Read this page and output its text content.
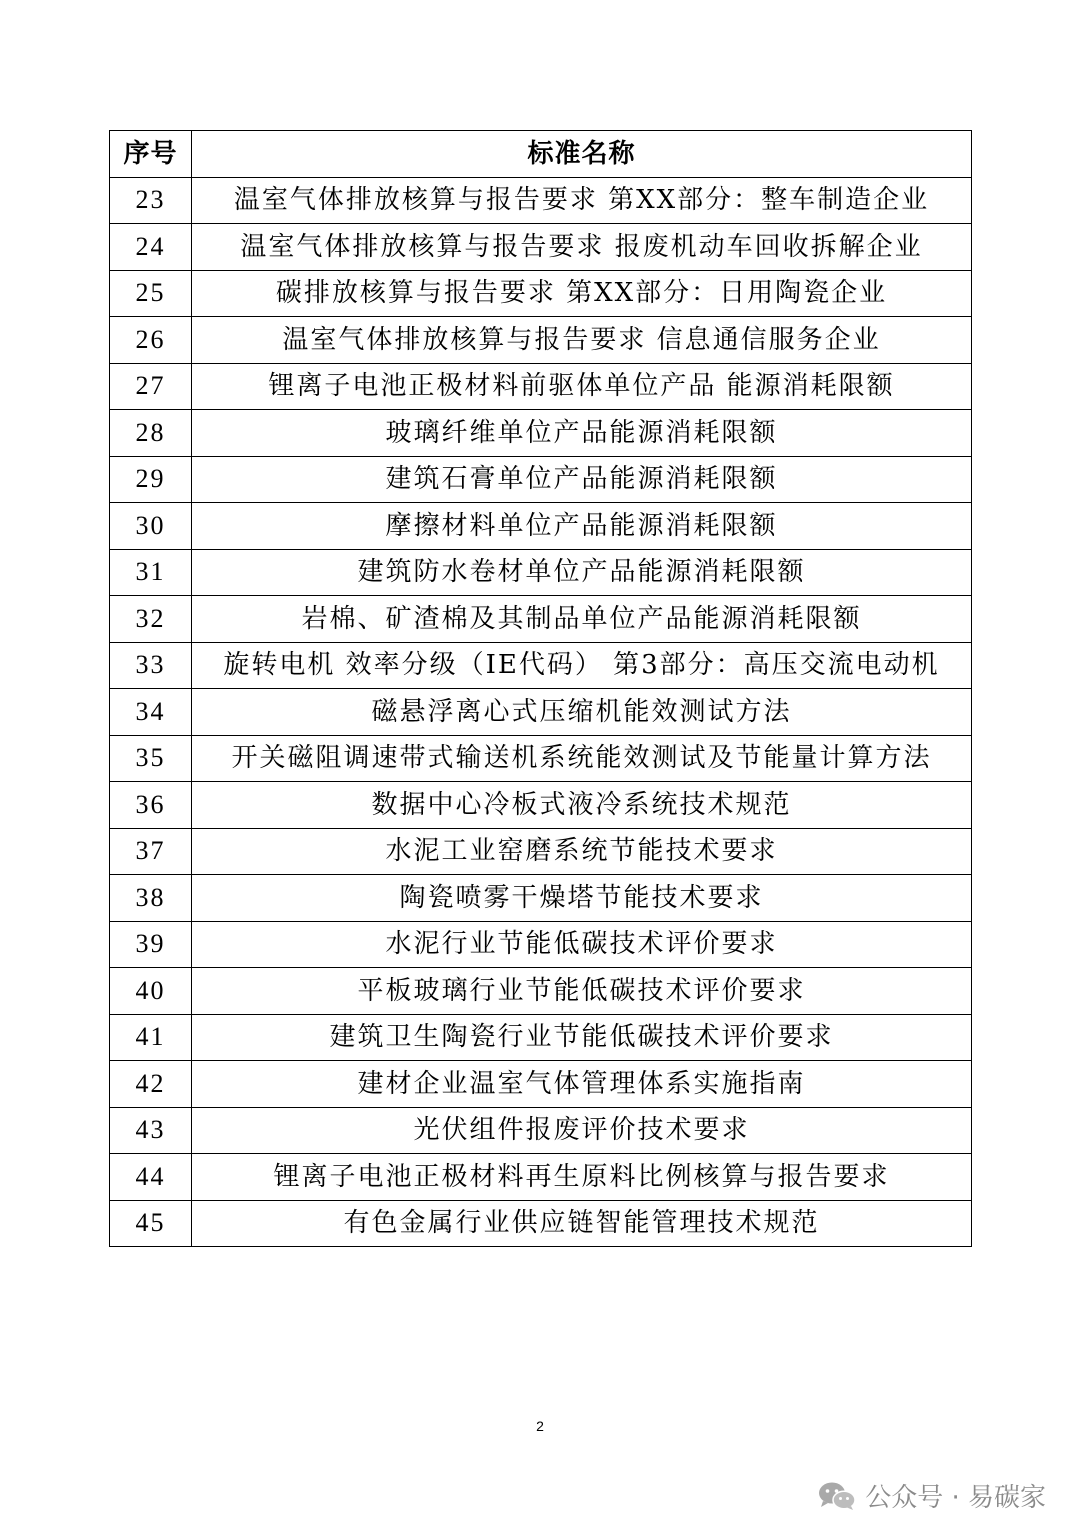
序号	标准名称
23	温室气体排放核算与报告要求 第XX部分：整车制造企业
24	温室气体排放核算与报告要求 报废机动车回收拆解企业
25	碳排放核算与报告要求 第XX部分：日用陶瓷企业
26	温室气体排放核算与报告要求 信息通信服务企业
27	锂离子电池正极材料前驱体单位产品 能源消耗限额
28	玻璃纤维单位产品能源消耗限额
29	建筑石膏单位产品能源消耗限额
30	摩擦材料单位产品能源消耗限额
31	建筑防水卷材单位产品能源消耗限额
32	岩棉、矿渣棉及其制品单位产品能源消耗限额
33	旋转电机 效率分级（IE代码） 第3部分：高压交流电动机
34	磁悬浮离心式压缩机能效测试方法
35	开关磁阻调速带式输送机系统能效测试及节能量计算方法
36	数据中心冷板式液冷系统技术规范
37	水泥工业窑磨系统节能技术要求
38	陶瓷喷雾干燥塔节能技术要求
39	水泥行业节能低碳技术评价要求
40	平板玻璃行业节能低碳技术评价要求
41	建筑卫生陶瓷行业节能低碳技术评价要求
42	建材企业温室气体管理体系实施指南
43	光伏组件报废评价技术要求
44	锂离子电池正极材料再生原料比例核算与报告要求
45	有色金属行业供应链智能管理技术规范
2
公众号 · 易碳家
